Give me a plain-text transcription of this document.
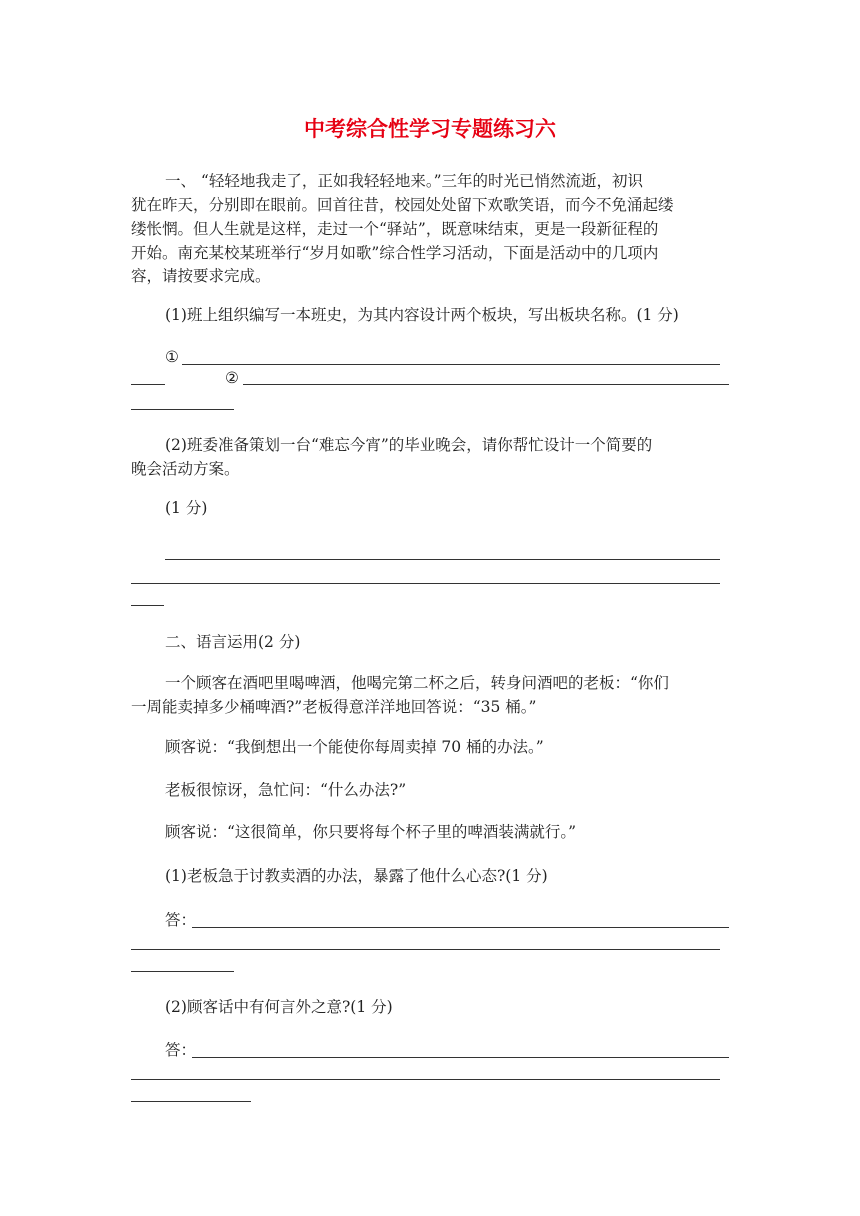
中考综合性学习专题练习六
一、 “轻轻地我走了，正如我轻轻地来。”三年的时光已悄然流逝，初识
犹在昨天，分别即在眼前。回首往昔，校园处处留下欢歌笑语，而今不免涌起缕
缕怅惘。但人生就是这样，走过一个“驿站”，既意味结束，更是一段新征程的
开始。南充某校某班举行“岁月如歌”综合性学习活动，下面是活动中的几项内
容，请按要求完成。
(1)班上组织编写一本班史，为其内容设计两个板块，写出板块名称。(1 分)
①
②
(2)班委准备策划一台“难忘今宵”的毕业晚会，请你帮忙设计一个简要的
晚会活动方案。
(1 分)
二、语言运用(2 分)
一个顾客在酒吧里喝啤酒，他喝完第二杯之后，转身问酒吧的老板：“你们
一周能卖掉多少桶啤酒?”老板得意洋洋地回答说：“35 桶。”
顾客说：“我倒想出一个能使你每周卖掉 70 桶的办法。”
老板很惊讶，急忙问：“什么办法?”
顾客说：“这很简单，你只要将每个杯子里的啤酒装满就行。”
(1)老板急于讨教卖酒的办法，暴露了他什么心态?(1 分)
答：
(2)顾客话中有何言外之意?(1 分)
答：
